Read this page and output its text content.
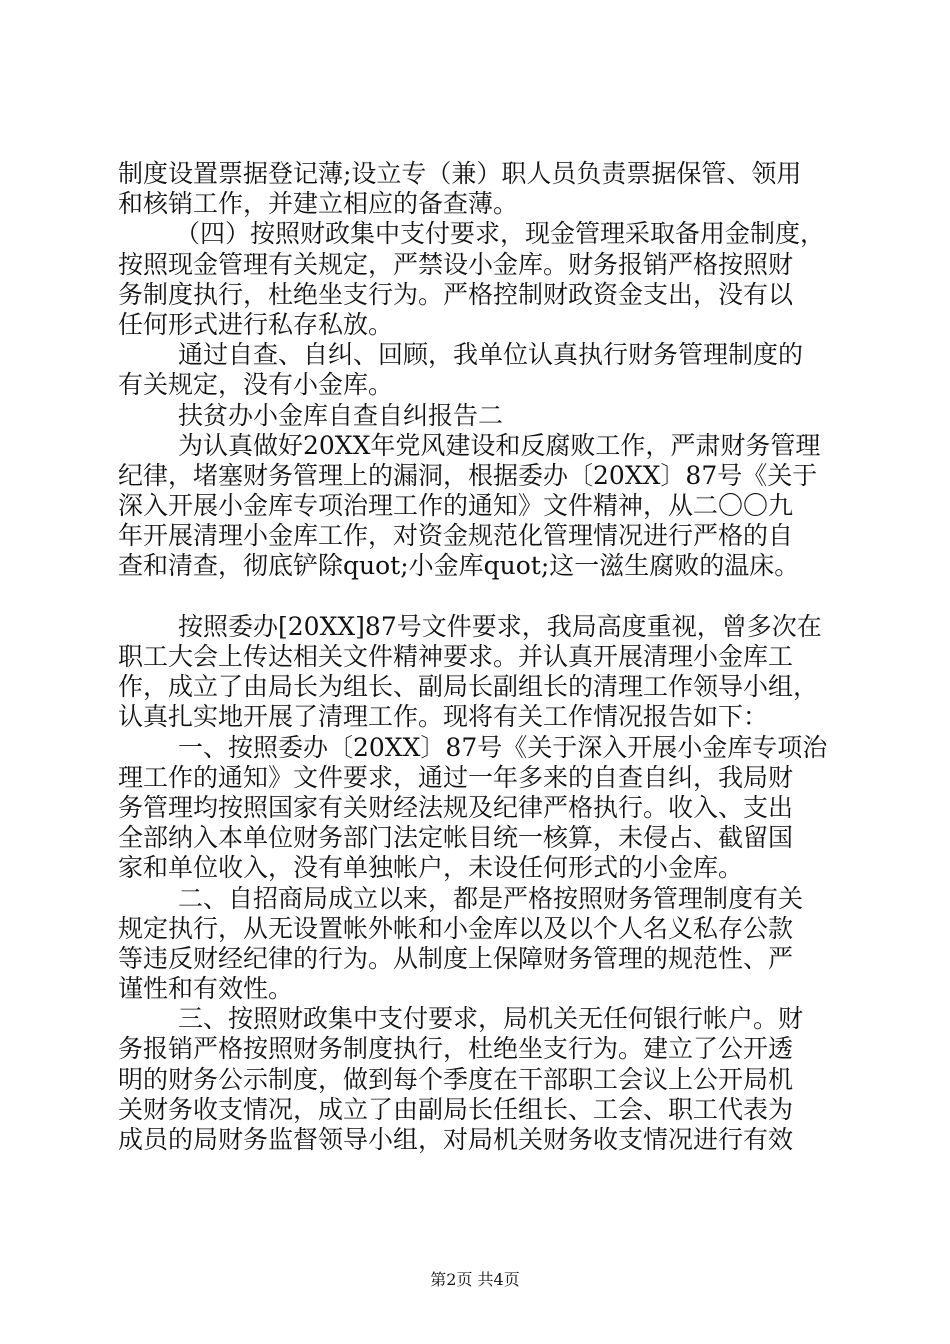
制度设置票据登记薄;设立专（兼）职人员负责票据保管、领用
和核销工作，并建立相应的备查薄。
（四）按照财政集中支付要求，现金管理采取备用金制度，
按照现金管理有关规定，严禁设小金库。财务报销严格按照财
务制度执行，杜绝坐支行为。严格控制财政资金支出，没有以
任何形式进行私存私放。
通过自查、自纠、回顾，我单位认真执行财务管理制度的
有关规定，没有小金库。
扶贫办小金库自查自纠报告二
为认真做好20XX年党风建设和反腐败工作，严肃财务管理
纪律，堵塞财务管理上的漏洞，根据委办〔20XX〕87号《关于
深入开展小金库专项治理工作的通知》文件精神，从二〇〇九
年开展清理小金库工作，对资金规范化管理情况进行严格的自
查和清查，彻底铲除quot;小金库quot;这一滋生腐败的温床。
按照委办[20XX]87号文件要求，我局高度重视，曾多次在
职工大会上传达相关文件精神要求。并认真开展清理小金库工
作，成立了由局长为组长、副局长副组长的清理工作领导小组，
认真扎实地开展了清理工作。现将有关工作情况报告如下：
一、按照委办〔20XX〕87号《关于深入开展小金库专项治
理工作的通知》文件要求，通过一年多来的自查自纠，我局财
务管理均按照国家有关财经法规及纪律严格执行。收入、支出
全部纳入本单位财务部门法定帐目统一核算，未侵占、截留国
家和单位收入，没有单独帐户，未设任何形式的小金库。
二、自招商局成立以来，都是严格按照财务管理制度有关
规定执行，从无设置帐外帐和小金库以及以个人名义私存公款
等违反财经纪律的行为。从制度上保障财务管理的规范性、严
谨性和有效性。
三、按照财政集中支付要求，局机关无任何银行帐户。财
务报销严格按照财务制度执行，杜绝坐支行为。建立了公开透
明的财务公示制度，做到每个季度在干部职工会议上公开局机
关财务收支情况，成立了由副局长任组长、工会、职工代表为
成员的局财务监督领导小组，对局机关财务收支情况进行有效
第2页 共4页
